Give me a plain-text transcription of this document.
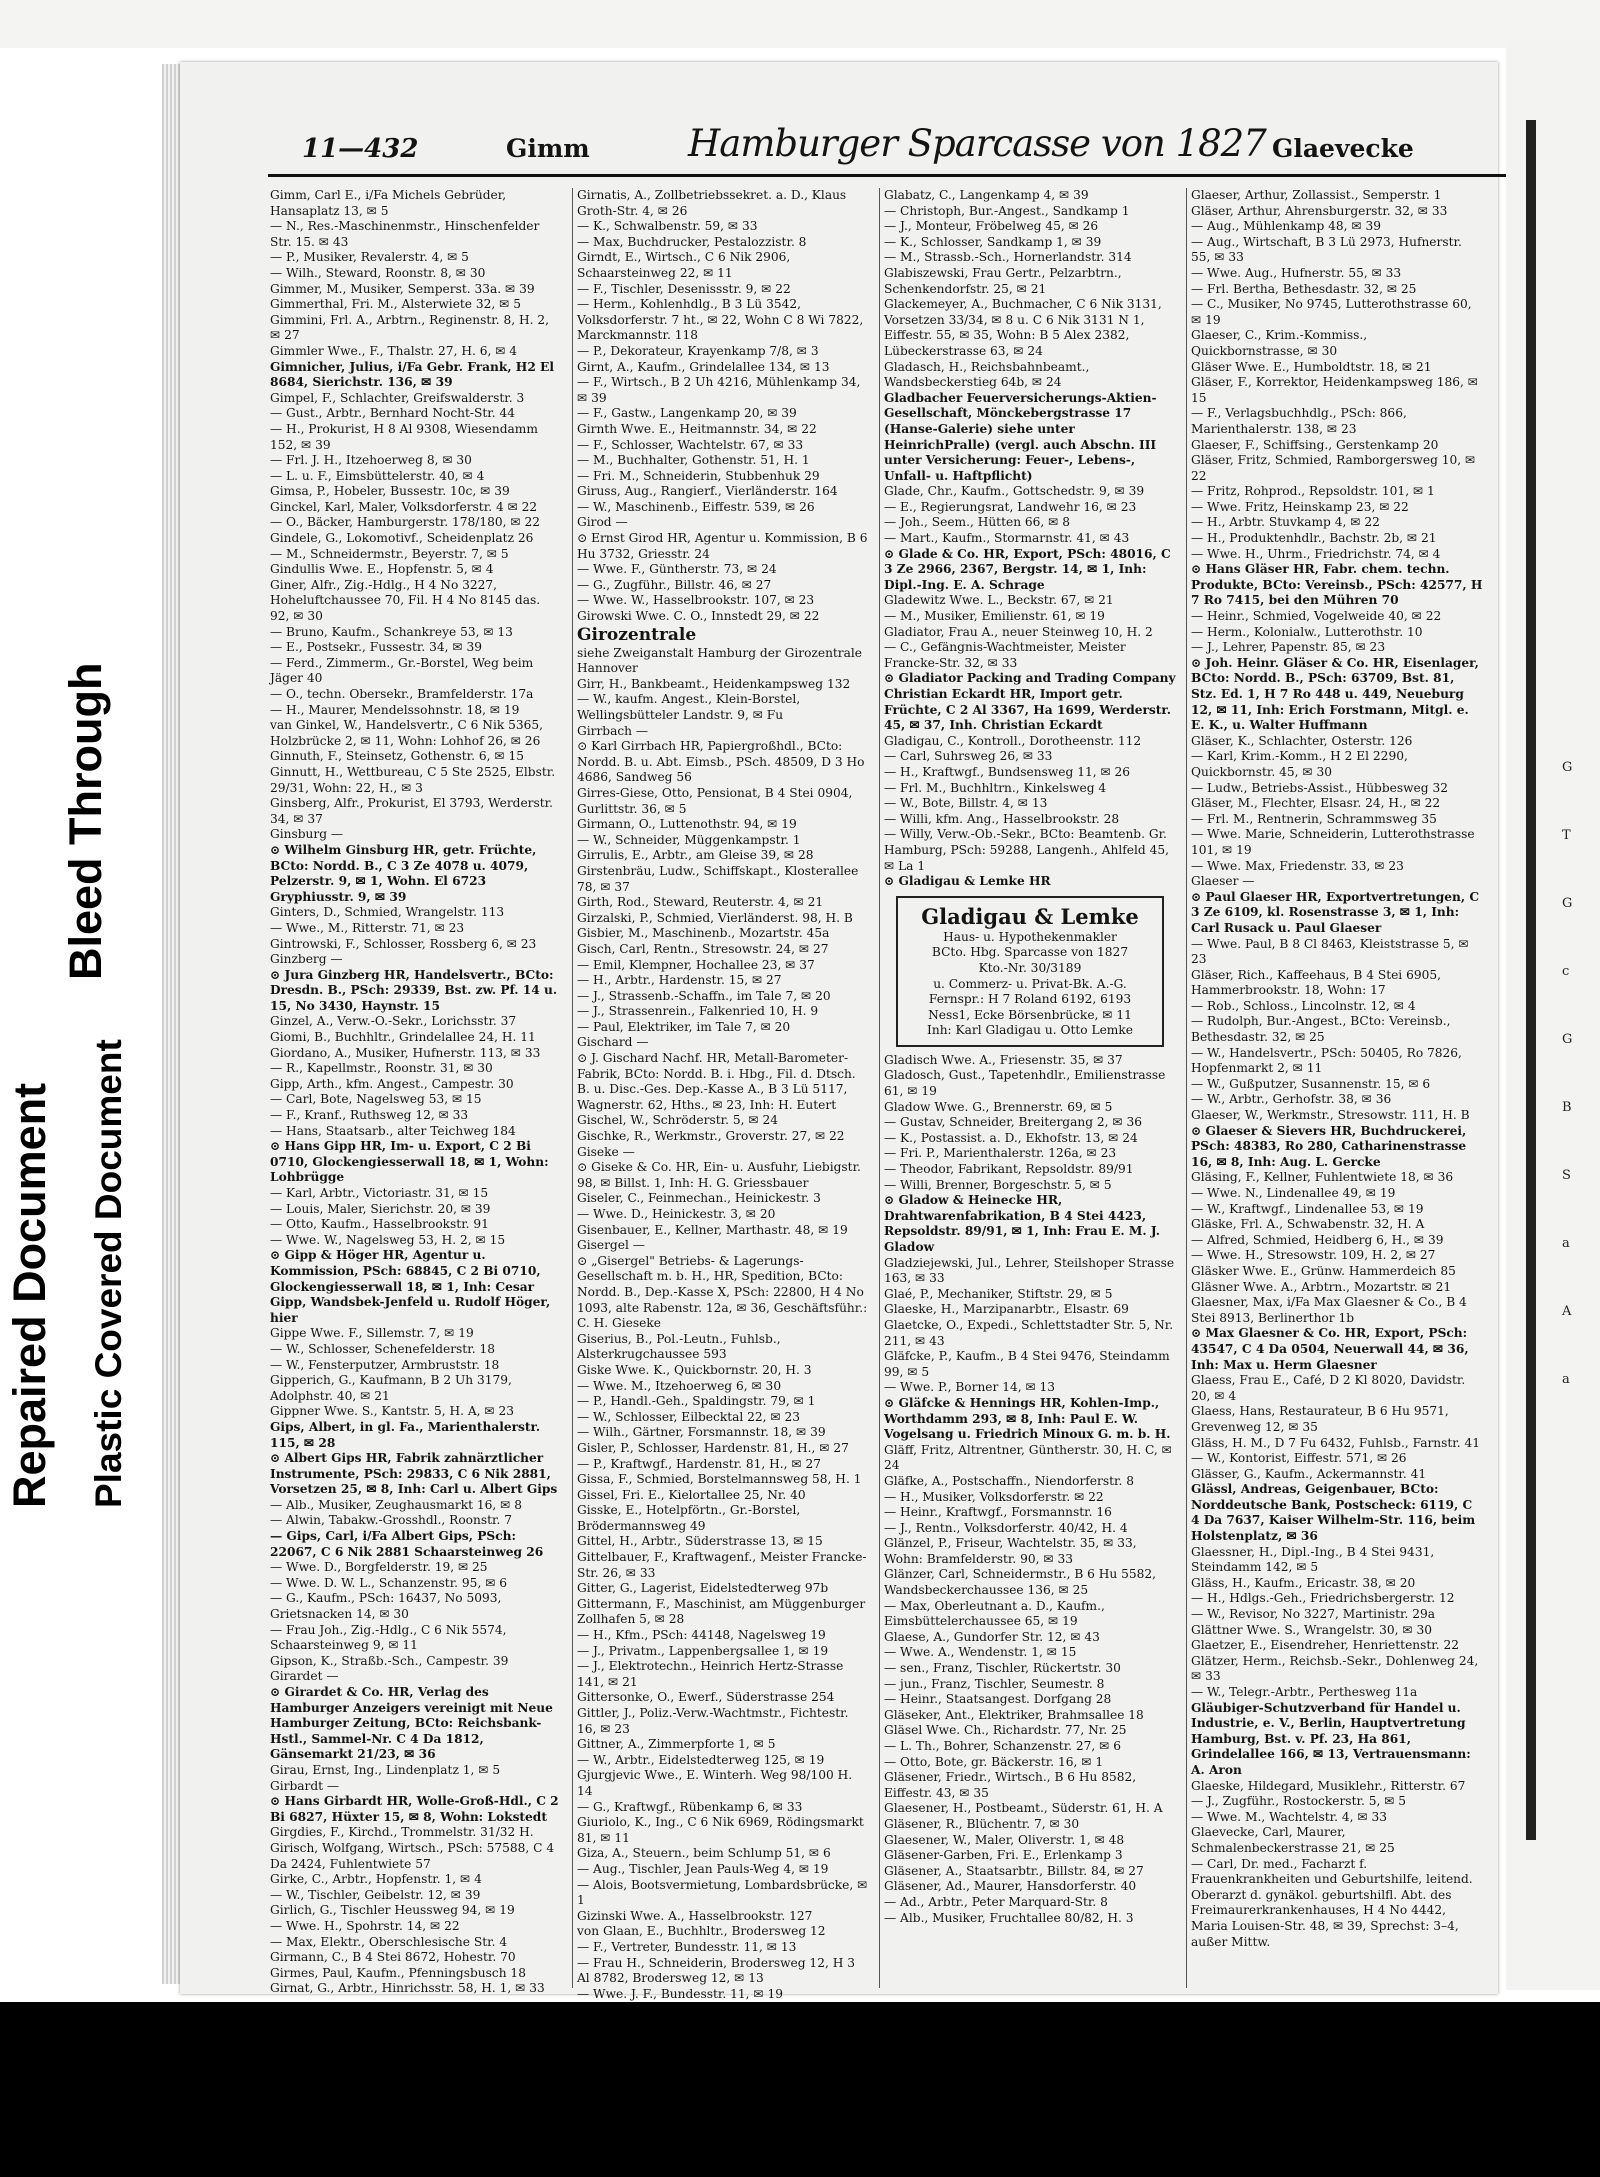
Bleed Through
Repaired Document Plastic Covered Document
11—432	Gimm	Hamburger Sparcasse von 1827 Glaevecke
Gimm, Carl E., i/Fa Michels Gebrüder, Hansaplatz 13, ✉ 5
— N., Res.-Maschinenmstr., Hinschenfelder Str. 15. ✉ 43
— P., Musiker, Revalerstr. 4, ✉ 5
— Wilh., Steward, Roonstr. 8, ✉ 30
Gimmer, M., Musiker, Semperst. 33a. ✉ 39
Gimmerthal, Fri. M., Alsterwiete 32, ✉ 5
Gimmini, Frl. A., Arbtrn., Reginenstr. 8, H. 2, ✉ 27
Gimmler Wwe., F., Thalstr. 27, H. 6, ✉ 4
Gimnicher, Julius, i/Fa Gebr. Frank, H2 El 8684, Sierichstr. 136, ✉ 39
Gimpel, F., Schlachter, Greifswalderstr. 3
— Gust., Arbtr., Bernhard Nocht-Str. 44
— H., Prokurist, H 8 Al 9308, Wiesendamm 152, ✉ 39
— Frl. J. H., Itzehoerweg 8, ✉ 30
— L. u. F., Eimsbüttelerstr. 40, ✉ 4
Gimsa, P., Hobeler, Bussestr. 10c, ✉ 39
Ginckel, Karl, Maler, Volksdorferstr. 4 ✉ 22
— O., Bäcker, Hamburgerstr. 178/180, ✉ 22
Gindele, G., Lokomotivf., Scheidenplatz 26
— M., Schneidermstr., Beyerstr. 7, ✉ 5
Gindullis Wwe. E., Hopfenstr. 5, ✉ 4
Giner, Alfr., Zig.-Hdlg., H 4 No 3227, Hoheluftchaussee 70, Fil. H 4 No 8145 das. 92, ✉ 30
— Bruno, Kaufm., Schankreye 53, ✉ 13
— E., Postsekr., Fussestr. 34, ✉ 39
— Ferd., Zimmerm., Gr.-Borstel, Weg beim Jäger 40
— O., techn. Obersekr., Bramfelderstr. 17a
— H., Maurer, Mendelssohnstr. 18, ✉ 19
van Ginkel, W., Handelsvertr., C 6 Nik 5365, Holzbrücke 2, ✉ 11, Wohn: Lohhof 26, ✉ 26
Ginnuth, F., Steinsetz, Gothenstr. 6, ✉ 15
Ginnutt, H., Wettbureau, C 5 Ste 2525, Elbstr. 29/31, Wohn: 22, H., ✉ 3
Ginsberg, Alfr., Prokurist, El 3793, Werderstr. 34, ✉ 37
Ginsburg —
⊙ Wilhelm Ginsburg HR, getr. Früchte, BCto: Nordd. B., C 3 Ze 4078 u. 4079, Pelzerstr. 9, ✉ 1, Wohn. El 6723 Gryphiusstr. 9, ✉ 39
Ginters, D., Schmied, Wrangelstr. 113
— Wwe., M., Ritterstr. 71, ✉ 23
Gintrowski, F., Schlosser, Rossberg 6, ✉ 23
Ginzberg —
⊙ Jura Ginzberg HR, Handelsvertr., BCto: Dresdn. B., PSch: 29339, Bst. zw. Pf. 14 u. 15, No 3430, Haynstr. 15
Ginzel, A., Verw.-O.-Sekr., Lorichsstr. 37
Giomi, B., Buchhltr., Grindelallee 24, H. 11
Giordano, A., Musiker, Hufnerstr. 113, ✉ 33
— R., Kapellmstr., Roonstr. 31, ✉ 30
Gipp, Arth., kfm. Angest., Campestr. 30
— Carl, Bote, Nagelsweg 53, ✉ 15
— F., Kranf., Ruthsweg 12, ✉ 33
— Hans, Staatsarb., alter Teichweg 184
⊙ Hans Gipp HR, Im- u. Export, C 2 Bi 0710, Glockengiesserwall 18, ✉ 1, Wohn: Lohbrügge
— Karl, Arbtr., Victoriastr. 31, ✉ 15
— Louis, Maler, Sierichstr. 20, ✉ 39
— Otto, Kaufm., Hasselbrookstr. 91
— Wwe. W., Nagelsweg 53, H. 2, ✉ 15
⊙ Gipp & Höger HR, Agentur u. Kommission, PSch: 68845, C 2 Bi 0710, Glockengiesserwall 18, ✉ 1, Inh: Cesar Gipp, Wandsbek-Jenfeld u. Rudolf Höger, hier
Gippe Wwe. F., Sillemstr. 7, ✉ 19
— W., Schlosser, Schenefelderstr. 18
— W., Fensterputzer, Armbruststr. 18
Gipperich, G., Kaufmann, B 2 Uh 3179, Adolphstr. 40, ✉ 21
Gippner Wwe. S., Kantstr. 5, H. A, ✉ 23
Gips, Albert, in gl. Fa., Marienthalerstr. 115, ✉ 28
⊙ Albert Gips HR, Fabrik zahnärztlicher Instrumente, PSch: 29833, C 6 Nik 2881, Vorsetzen 25, ✉ 8, Inh: Carl u. Albert Gips
— Alb., Musiker, Zeughausmarkt 16, ✉ 8
— Alwin, Tabakw.-Grosshdl., Roonstr. 7
— Gips, Carl, i/Fa Albert Gips, PSch: 22067, C 6 Nik 2881 Schaarsteinweg 26
— Wwe. D., Borgfelderstr. 19, ✉ 25
— Wwe. D. W. L., Schanzenstr. 95, ✉ 6
— G., Kaufm., PSch: 16437, No 5093, Grietsnacken 14, ✉ 30
— Frau Joh., Zig.-Hdlg., C 6 Nik 5574, Schaarsteinweg 9, ✉ 11
Gipson, K., Straßb.-Sch., Campestr. 39
Girardet —
⊙ Girardet & Co. HR, Verlag des Hamburger Anzeigers vereinigt mit Neue Hamburger Zeitung, BCto: Reichsbank-Hstl., Sammel-Nr. C 4 Da 1812, Gänsemarkt 21/23, ✉ 36
Girau, Ernst, Ing., Lindenplatz 1, ✉ 5
Girbardt —
⊙ Hans Girbardt HR, Wolle-Groß-Hdl., C 2 Bi 6827, Hüxter 15, ✉ 8, Wohn: Lokstedt
Girgdies, F., Kirchd., Trommelstr. 31/32 H.
Girisch, Wolfgang, Wirtsch., PSch: 57588, C 4 Da 2424, Fuhlentwiete 57
Girke, C., Arbtr., Hopfenstr. 1, ✉ 4
— W., Tischler, Geibelstr. 12, ✉ 39
Girlich, G., Tischler Heussweg 94, ✉ 19
— Wwe. H., Spohrstr. 14, ✉ 22
— Max, Elektr., Oberschlesische Str. 4
Girmann, C., B 4 Stei 8672, Hohestr. 70
Girmes, Paul, Kaufm., Pfenningsbusch 18
Girnat, G., Arbtr., Hinrichsstr. 58, H. 1, ✉ 33
Girnatis, A., Zollbetriebssekret. a. D., Klaus Groth-Str. 4, ✉ 26
— K., Schwalbenstr. 59, ✉ 33
— Max, Buchdrucker, Pestalozzistr. 8
Girndt, E., Wirtsch., C 6 Nik 2906, Schaarsteinweg 22, ✉ 11
— F., Tischler, Desenissstr. 9, ✉ 22
— Herm., Kohlenhdlg., B 3 Lü 3542, Volksdorferstr. 7 ht., ✉ 22, Wohn C 8 Wi 7822, Marckmannstr. 118
— P., Dekorateur, Krayenkamp 7/8, ✉ 3
Girnt, A., Kaufm., Grindelallee 134, ✉ 13
— F., Wirtsch., B 2 Uh 4216, Mühlenkamp 34, ✉ 39
— F., Gastw., Langenkamp 20, ✉ 39
Girnth Wwe. E., Heitmannstr. 34, ✉ 22
— F., Schlosser, Wachtelstr. 67, ✉ 33
— M., Buchhalter, Gothenstr. 51, H. 1
— Fri. M., Schneiderin, Stubbenhuk 29
Giruss, Aug., Rangierf., Vierländerstr. 164
— W., Maschinenb., Eiffestr. 539, ✉ 26
Girod —
⊙ Ernst Girod HR, Agentur u. Kommission, B 6 Hu 3732, Griesstr. 24
— Wwe. F., Güntherstr. 73, ✉ 24
— G., Zugführ., Billstr. 46, ✉ 27
— Wwe. W., Hasselbrookstr. 107, ✉ 23
Girowski Wwe. C. O., Innstedt 29, ✉ 22
Girozentrale
siehe Zweiganstalt Hamburg der Girozentrale Hannover
Girr, H., Bankbeamt., Heidenkampsweg 132
— W., kaufm. Angest., Klein-Borstel, Wellingsbütteler Landstr. 9, ✉ Fu
Girrbach —
⊙ Karl Girrbach HR, Papiergroßhdl., BCto: Nordd. B. u. Abt. Eimsb., PSch. 48509, D 3 Ho 4686, Sandweg 56
Girres-Giese, Otto, Pensionat, B 4 Stei 0904, Gurlittstr. 36, ✉ 5
Girmann, O., Luttenothstr. 94, ✉ 19
— W., Schneider, Müggenkampstr. 1
Girrulis, E., Arbtr., am Gleise 39, ✉ 28
Girstenbräu, Ludw., Schiffskapt., Klosterallee 78, ✉ 37
Girth, Rod., Steward, Reuterstr. 4, ✉ 21
Girzalski, P., Schmied, Vierländerst. 98, H. B
Gisbier, M., Maschinenb., Mozartstr. 45a
Gisch, Carl, Rentn., Stresowstr. 24, ✉ 27
— Emil, Klempner, Hochallee 23, ✉ 37
— H., Arbtr., Hardenstr. 15, ✉ 27
— J., Strassenb.-Schaffn., im Tale 7, ✉ 20
— J., Strassenrein., Falkenried 10, H. 9
— Paul, Elektriker, im Tale 7, ✉ 20
Gischard —
⊙ J. Gischard Nachf. HR, Metall-Barometer-Fabrik, BCto: Nordd. B. i. Hbg., Fil. d. Dtsch. B. u. Disc.-Ges. Dep.-Kasse A., B 3 Lü 5117, Wagnerstr. 62, Hths., ✉ 23, Inh: H. Eutert
Gischel, W., Schröderstr. 5, ✉ 24
Gischke, R., Werkmstr., Groverstr. 27, ✉ 22
Giseke —
⊙ Giseke & Co. HR, Ein- u. Ausfuhr, Liebigstr. 98, ✉ Billst. 1, Inh: H. G. Griessbauer
Giseler, C., Feinmechan., Heinickestr. 3
— Wwe. D., Heinickestr. 3, ✉ 20
Gisenbauer, E., Kellner, Marthastr. 48, ✉ 19
Gisergel —
⊙ „Gisergel" Betriebs- & Lagerungs-Gesellschaft m. b. H., HR, Spedition, BCto: Nordd. B., Dep.-Kasse X, PSch: 22800, H 4 No 1093, alte Rabenstr. 12a, ✉ 36, Geschäftsführ.: C. H. Gieseke
Giserius, B., Pol.-Leutn., Fuhlsb., Alsterkrugchaussee 593
Giske Wwe. K., Quickbornstr. 20, H. 3
— Wwe. M., Itzehoerweg 6, ✉ 30
— P., Handl.-Geh., Spaldingstr. 79, ✉ 1
— W., Schlosser, Eilbecktal 22, ✉ 23
— Wilh., Gärtner, Forsmannstr. 18, ✉ 39
Gisler, P., Schlosser, Hardenstr. 81, H., ✉ 27
— P., Kraftwgf., Hardenstr. 81, H., ✉ 27
Gissa, F., Schmied, Borstelmannsweg 58, H. 1
Gissel, Fri. E., Kielortallee 25, Nr. 40
Gisske, E., Hotelpförtn., Gr.-Borstel, Brödermannsweg 49
Gittel, H., Arbtr., Süderstrasse 13, ✉ 15
Gittelbauer, F., Kraftwagenf., Meister Francke-Str. 26, ✉ 33
Gitter, G., Lagerist, Eidelstedterweg 97b
Gittermann, F., Maschinist, am Müggenburger Zollhafen 5, ✉ 28
— H., Kfm., PSch: 44148, Nagelsweg 19
— J., Privatm., Lappenbergsallee 1, ✉ 19
— J., Elektrotechn., Heinrich Hertz-Strasse 141, ✉ 21
Gittersonke, O., Ewerf., Süderstrasse 254
Gittler, J., Poliz.-Verw.-Wachtmstr., Fichtestr. 16, ✉ 23
Gittner, A., Zimmerpforte 1, ✉ 5
— W., Arbtr., Eidelstedterweg 125, ✉ 19
Gjurgjevic Wwe., E. Winterh. Weg 98/100 H. 14
— G., Kraftwgf., Rübenkamp 6, ✉ 33
Giuriolo, K., Ing., C 6 Nik 6969, Rödingsmarkt 81, ✉ 11
Giza, A., Steuern., beim Schlump 51, ✉ 6
— Aug., Tischler, Jean Pauls-Weg 4, ✉ 19
— Alois, Bootsvermietung, Lombardsbrücke, ✉ 1
Gizinski Wwe. A., Hasselbrookstr. 127
von Glaan, E., Buchhltr., Brodersweg 12
— F., Vertreter, Bundesstr. 11, ✉ 13
— Frau H., Schneiderin, Brodersweg 12, H 3 Al 8782, Brodersweg 12, ✉ 13
— Wwe. J. F., Bundesstr. 11, ✉ 19
Glabatz, C., Langenkamp 4, ✉ 39
— Christoph, Bur.-Angest., Sandkamp 1
— J., Monteur, Fröbelweg 45, ✉ 26
— K., Schlosser, Sandkamp 1, ✉ 39
— M., Strassb.-Sch., Hornerlandstr. 314
Glabiszewski, Frau Gertr., Pelzarbtrn., Schenkendorfstr. 25, ✉ 21
Glackemeyer, A., Buchmacher, C 6 Nik 3131, Vorsetzen 33/34, ✉ 8 u. C 6 Nik 3131 N 1, Eiffestr. 55, ✉ 35, Wohn: B 5 Alex 2382, Lübeckerstrasse 63, ✉ 24
Gladasch, H., Reichsbahnbeamt., Wandsbeckerstieg 64b, ✉ 24
Gladbacher Feuerversicherungs-Aktien-Gesellschaft, Mönckebergstrasse 17 (Hanse-Galerie) siehe unter HeinrichPralle) (vergl. auch Abschn. III unter Versicherung: Feuer-, Lebens-, Unfall- u. Haftpflicht)
Glade, Chr., Kaufm., Gottschedstr. 9, ✉ 39
— E., Regierungsrat, Landwehr 16, ✉ 23
— Joh., Seem., Hütten 66, ✉ 8
— Mart., Kaufm., Stormarnstr. 41, ✉ 43
⊙ Glade & Co. HR, Export, PSch: 48016, C 3 Ze 2966, 2367, Bergstr. 14, ✉ 1, Inh: Dipl.-Ing. E. A. Schrage
Gladewitz Wwe. L., Beckstr. 67, ✉ 21
— M., Musiker, Emilienstr. 61, ✉ 19
Gladiator, Frau A., neuer Steinweg 10, H. 2
— C., Gefängnis-Wachtmeister, Meister Francke-Str. 32, ✉ 33
⊙ Gladiator Packing and Trading Company Christian Eckardt HR, Import getr. Früchte, C 2 Al 3367, Ha 1699, Werderstr. 45, ✉ 37, Inh. Christian Eckardt
Gladigau, C., Kontroll., Dorotheenstr. 112
— Carl, Suhrsweg 26, ✉ 33
— H., Kraftwgf., Bundsensweg 11, ✉ 26
— Frl. M., Buchhltrn., Kinkelsweg 4
— W., Bote, Billstr. 4, ✉ 13
— Willi, kfm. Ang., Hasselbrookstr. 28
— Willy, Verw.-Ob.-Sekr., BCto: Beamtenb. Gr. Hamburg, PSch: 59288, Langenh., Ahlfeld 45, ✉ La 1
⊙ Gladigau & Lemke HR
Gladigau & Lemke
Haus- u. Hypothekenmakler
BCto. Hbg. Sparcasse von 1827
Kto.-Nr. 30/3189
u. Commerz- u. Privat-Bk. A.-G.
Fernspr.: H 7 Roland 6192, 6193
Ness1, Ecke Börsenbrücke, ✉ 11
Inh: Karl Gladigau u. Otto Lemke
Gladisch Wwe. A., Friesenstr. 35, ✉ 37
Gladosch, Gust., Tapetenhdlr., Emilienstrasse 61, ✉ 19
Gladow Wwe. G., Brennerstr. 69, ✉ 5
— Gustav, Schneider, Breitergang 2, ✉ 36
— K., Postassist. a. D., Ekhofstr. 13, ✉ 24
— Fri. P., Marienthalerstr. 126a, ✉ 23
— Theodor, Fabrikant, Repsoldstr. 89/91
— Willi, Brenner, Borgeschstr. 5, ✉ 5
⊙ Gladow & Heinecke HR, Drahtwarenfabrikation, B 4 Stei 4423, Repsoldstr. 89/91, ✉ 1, Inh: Frau E. M. J. Gladow
Gladziejewski, Jul., Lehrer, Steilshoper Strasse 163, ✉ 33
Glaé, P., Mechaniker, Stiftstr. 29, ✉ 5
Glaeske, H., Marzipanarbtr., Elsastr. 69
Glaetcke, O., Expedi., Schlettstadter Str. 5, Nr. 211, ✉ 43
Gläfcke, P., Kaufm., B 4 Stei 9476, Steindamm 99, ✉ 5
— Wwe. P., Borner 14, ✉ 13
⊙ Gläfcke & Hennings HR, Kohlen-Imp., Worthdamm 293, ✉ 8, Inh: Paul E. W. Vogelsang u. Friedrich Minoux G. m. b. H.
Gläff, Fritz, Altrentner, Güntherstr. 30, H. C, ✉ 24
Gläfke, A., Postschaffn., Niendorferstr. 8
— H., Musiker, Volksdorferstr. ✉ 22
— Heinr., Kraftwgf., Forsmannstr. 16
— J., Rentn., Volksdorferstr. 40/42, H. 4
Glänzel, P., Friseur, Wachtelstr. 35, ✉ 33, Wohn: Bramfelderstr. 90, ✉ 33
Glänzer, Carl, Schneidermstr., B 6 Hu 5582, Wandsbeckerchaussee 136, ✉ 25
— Max, Oberleutnant a. D., Kaufm., Eimsbüttelerchaussee 65, ✉ 19
Glaese, A., Gundorfer Str. 12, ✉ 43
— Wwe. A., Wendenstr. 1, ✉ 15
— sen., Franz, Tischler, Rückertstr. 30
— jun., Franz, Tischler, Seumestr. 8
— Heinr., Staatsangest. Dorfgang 28
Gläseker, Ant., Elektriker, Brahmsallee 18
Gläsel Wwe. Ch., Richardstr. 77, Nr. 25
— L. Th., Bohrer, Schanzenstr. 27, ✉ 6
— Otto, Bote, gr. Bäckerstr. 16, ✉ 1
Gläsener, Friedr., Wirtsch., B 6 Hu 8582, Eiffestr. 43, ✉ 35
Glaesener, H., Postbeamt., Süderstr. 61, H. A
Gläsener, R., Blüchentr. 7, ✉ 30
Glaesener, W., Maler, Oliverstr. 1, ✉ 48
Gläsener-Garben, Fri. E., Erlenkamp 3
Gläsener, A., Staatsarbtr., Billstr. 84, ✉ 27
Gläsener, Ad., Maurer, Hansdorferstr. 40
— Ad., Arbtr., Peter Marquard-Str. 8
— Alb., Musiker, Fruchtallee 80/82, H. 3
Glaeser, Arthur, Zollassist., Semperstr. 1
Gläser, Arthur, Ahrensburgerstr. 32, ✉ 33
— Aug., Mühlenkamp 48, ✉ 39
— Aug., Wirtschaft, B 3 Lü 2973, Hufnerstr. 55, ✉ 33
— Wwe. Aug., Hufnerstr. 55, ✉ 33
— Frl. Bertha, Bethesdastr. 32, ✉ 25
— C., Musiker, No 9745, Lutterothstrasse 60, ✉ 19
Glaeser, C., Krim.-Kommiss., Quickbornstrasse, ✉ 30
Gläser Wwe. E., Humboldtstr. 18, ✉ 21
Gläser, F., Korrektor, Heidenkampsweg 186, ✉ 15
— F., Verlagsbuchhdlg., PSch: 866, Marienthalerstr. 138, ✉ 23
Glaeser, F., Schiffsing., Gerstenkamp 20
Gläser, Fritz, Schmied, Ramborgersweg 10, ✉ 22
— Fritz, Rohprod., Repsoldstr. 101, ✉ 1
— Wwe. Fritz, Heinskamp 23, ✉ 22
— H., Arbtr. Stuvkamp 4, ✉ 22
— H., Produktenhdlr., Bachstr. 2b, ✉ 21
— Wwe. H., Uhrm., Friedrichstr. 74, ✉ 4
⊙ Hans Gläser HR, Fabr. chem. techn. Produkte, BCto: Vereinsb., PSch: 42577, H 7 Ro 7415, bei den Mühren 70
— Heinr., Schmied, Vogelweide 40, ✉ 22
— Herm., Kolonialw., Lutterothstr. 10
— J., Lehrer, Papenstr. 85, ✉ 23
⊙ Joh. Heinr. Gläser & Co. HR, Eisenlager, BCto: Nordd. B., PSch: 63709, Bst. 81, Stz. Ed. 1, H 7 Ro 448 u. 449, Neueburg 12, ✉ 11, Inh: Erich Forstmann, Mitgl. e. E. K., u. Walter Huffmann
Gläser, K., Schlachter, Osterstr. 126
— Karl, Krim.-Komm., H 2 El 2290, Quickbornstr. 45, ✉ 30
— Ludw., Betriebs-Assist., Hübbesweg 32
Gläser, M., Flechter, Elsasr. 24, H., ✉ 22
— Frl. M., Rentnerin, Schrammsweg 35
— Wwe. Marie, Schneiderin, Lutterothstrasse 101, ✉ 19
— Wwe. Max, Friedenstr. 33, ✉ 23
Glaeser —
⊙ Paul Glaeser HR, Exportvertretungen, C 3 Ze 6109, kl. Rosenstrasse 3, ✉ 1, Inh: Carl Rusack u. Paul Glaeser
— Wwe. Paul, B 8 Cl 8463, Kleiststrasse 5, ✉ 23
Gläser, Rich., Kaffeehaus, B 4 Stei 6905, Hammerbrookstr. 18, Wohn: 17
— Rob., Schloss., Lincolnstr. 12, ✉ 4
— Rudolph, Bur.-Angest., BCto: Vereinsb., Bethesdastr. 32, ✉ 25
— W., Handelsvertr., PSch: 50405, Ro 7826, Hopfenmarkt 2, ✉ 11
— W., Gußputzer, Susannenstr. 15, ✉ 6
— W., Arbtr., Gerhofstr. 38, ✉ 36
Glaeser, W., Werkmstr., Stresowstr. 111, H. B
⊙ Glaeser & Sievers HR, Buchdruckerei, PSch: 48383, Ro 280, Catharinenstrasse 16, ✉ 8, Inh: Aug. L. Gercke
Gläsing, F., Kellner, Fuhlentwiete 18, ✉ 36
— Wwe. N., Lindenallee 49, ✉ 19
— W., Kraftwgf., Lindenallee 53, ✉ 19
Gläske, Frl. A., Schwabenstr. 32, H. A
— Alfred, Schmied, Heidberg 6, H., ✉ 39
— Wwe. H., Stresowstr. 109, H. 2, ✉ 27
Gläsker Wwe. E., Grünw. Hammerdeich 85
Gläsner Wwe. A., Arbtrn., Mozartstr. ✉ 21
Glaesner, Max, i/Fa Max Glaesner & Co., B 4 Stei 8913, Berlinerthor 1b
⊙ Max Glaesner & Co. HR, Export, PSch: 43547, C 4 Da 0504, Neuerwall 44, ✉ 36, Inh: Max u. Herm Glaesner
Glaess, Frau E., Café, D 2 Kl 8020, Davidstr. 20, ✉ 4
Glaess, Hans, Restaurateur, B 6 Hu 9571, Grevenweg 12, ✉ 35
Gläss, H. M., D 7 Fu 6432, Fuhlsb., Farnstr. 41
— W., Kontorist, Eiffestr. 571, ✉ 26
Glässer, G., Kaufm., Ackermannstr. 41
Glässl, Andreas, Geigenbauer, BCto: Norddeutsche Bank, Postscheck: 6119, C 4 Da 7637, Kaiser Wilhelm-Str. 116, beim Holstenplatz, ✉ 36
Glaessner, H., Dipl.-Ing., B 4 Stei 9431, Steindamm 142, ✉ 5
Gläss, H., Kaufm., Ericastr. 38, ✉ 20
— H., Hdlgs.-Geh., Friedrichsbergerstr. 12
— W., Revisor, No 3227, Martinistr. 29a
Glättner Wwe. S., Wrangelstr. 30, ✉ 30
Glaetzer, E., Eisendreher, Henriettenstr. 22
Glätzer, Herm., Reichsb.-Sekr., Dohlenweg 24, ✉ 33
— W., Telegr.-Arbtr., Perthesweg 11a
Gläubiger-Schutzverband für Handel u. Industrie, e. V., Berlin, Hauptvertretung Hamburg, Bst. v. Pf. 23, Ha 861, Grindelallee 166, ✉ 13, Vertrauensmann: A. Aron
Glaeske, Hildegard, Musiklehr., Ritterstr. 67
— J., Zugführ., Rostockerstr. 5, ✉ 5
— Wwe. M., Wachtelstr. 4, ✉ 33
Glaevecke, Carl, Maurer, Schmalenbeckerstrasse 21, ✉ 25
— Carl, Dr. med., Facharzt f. Frauenkrankheiten und Geburtshilfe, leitend. Oberarzt d. gynäkol. geburtshilfl. Abt. des Freimaurerkrankenhauses, H 4 No 4442, Maria Louisen-Str. 48, ✉ 39, Sprechst: 3–4, außer Mittw.
G
T
G
c
G
B
S
a
A
a
